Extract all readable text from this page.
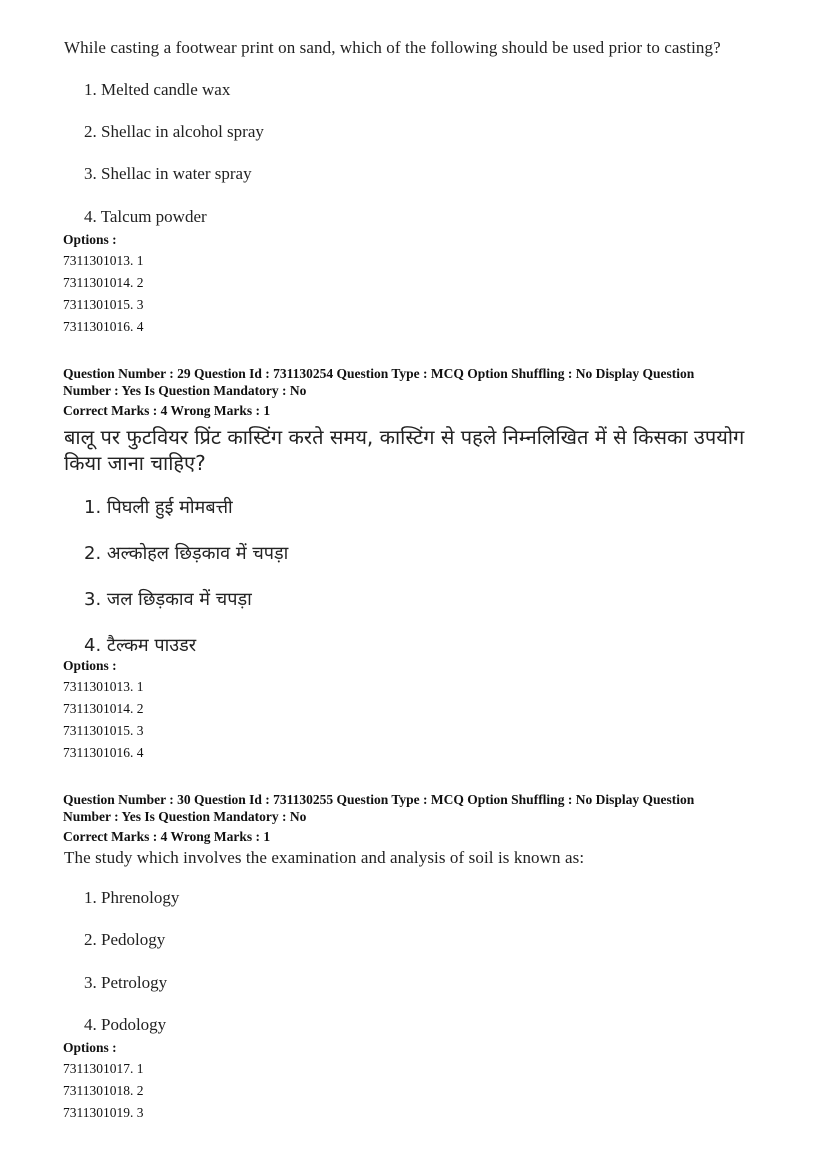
While casting a footwear print on sand, which of the following should be used prior to casting?
1. Melted candle wax
2. Shellac in alcohol spray
3. Shellac in water spray
4. Talcum powder
Options :
7311301013. 1
7311301014. 2
7311301015. 3
7311301016. 4
Question Number : 29 Question Id : 731130254 Question Type : MCQ Option Shuffling : No Display Question
Number : Yes Is Question Mandatory : No
Correct Marks : 4 Wrong Marks : 1
बालू पर फुटवियर प्रिंट कास्टिंग करते समय, कास्टिंग से पहले निम्नलिखित में से किसका उपयोग किया जाना चाहिए?
1. पिघली हुई मोमबत्ती
2. अल्कोहल छिड़काव में चपड़ा
3. जल छिड़काव में चपड़ा
4. टैल्कम पाउडर
Options :
7311301013. 1
7311301014. 2
7311301015. 3
7311301016. 4
Question Number : 30 Question Id : 731130255 Question Type : MCQ Option Shuffling : No Display Question
Number : Yes Is Question Mandatory : No
Correct Marks : 4 Wrong Marks : 1
The study which involves the examination and analysis of soil is known as:
1. Phrenology
2. Pedology
3. Petrology
4. Podology
Options :
7311301017. 1
7311301018. 2
7311301019. 3
